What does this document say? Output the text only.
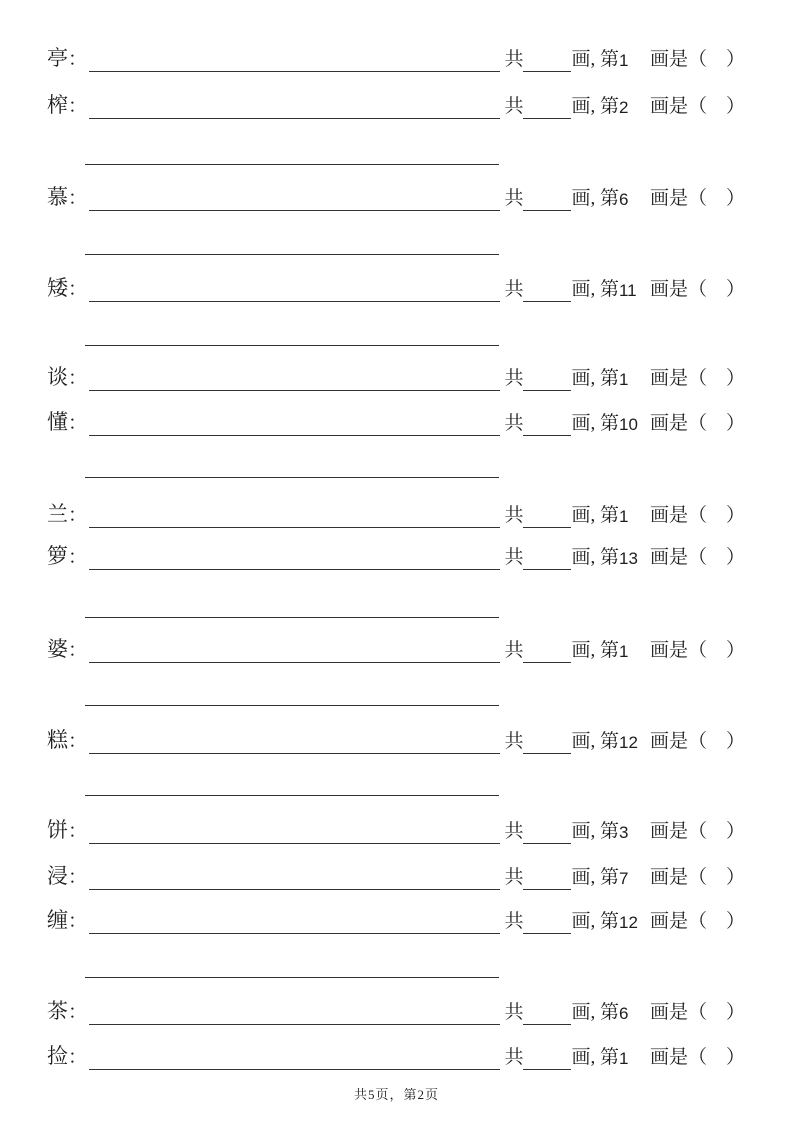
亭 ：	共	画, 第 1	画是（　）
榨 ：	共	画, 第 2	画是（　）
慕 ：	共	画, 第 6	画是（　）
矮 ：	共	画, 第 11 画是（　）
谈 ：	共	画, 第 1	画是（　）
懂 ：	共	画, 第 10 画是（　）
兰 ：	共	画, 第 1	画是（　）
箩 ：	共	画, 第 13 画是（　）
婆 ：	共	画, 第 1	画是（　）
糕 ：	共	画, 第 12 画是（　）
饼 ：	共	画, 第 3	画是（　）
浸 ：	共	画, 第 7	画是（　）
缠 ：	共	画, 第 12 画是（　）
茶 ：	共	画, 第 6	画是（　）
捡 ：	共	画, 第 1	画是（　）
共5页，第2页
